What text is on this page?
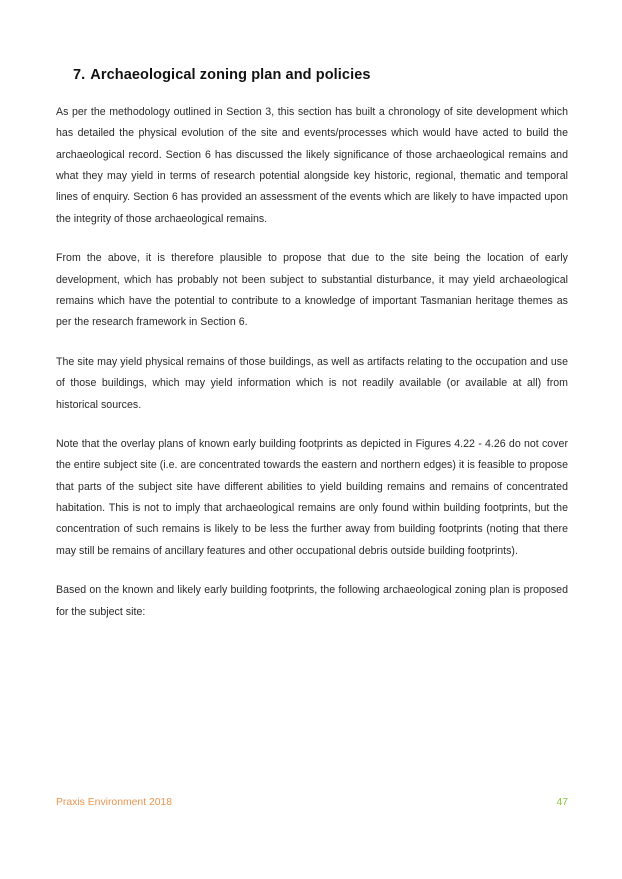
7. Archaeological zoning plan and policies

As per the methodology outlined in Section 3, this section has built a chronology of site development which has detailed the physical evolution of the site and events/processes which would have acted to build the archaeological record. Section 6 has discussed the likely significance of those archaeological remains and what they may yield in terms of research potential alongside key historic, regional, thematic and temporal lines of enquiry. Section 6 has provided an assessment of the events which are likely to have impacted upon the integrity of those archaeological remains.

From the above, it is therefore plausible to propose that due to the site being the location of early development, which has probably not been subject to substantial disturbance, it may yield archaeological remains which have the potential to contribute to a knowledge of important Tasmanian heritage themes as per the research framework in Section 6.

The site may yield physical remains of those buildings, as well as artifacts relating to the occupation and use of those buildings, which may yield information which is not readily available (or available at all) from historical sources.

Note that the overlay plans of known early building footprints as depicted in Figures 4.22 - 4.26 do not cover the entire subject site (i.e. are concentrated towards the eastern and northern edges) it is feasible to propose that parts of the subject site have different abilities to yield building remains and remains of concentrated habitation. This is not to imply that archaeological remains are only found within building footprints, but the concentration of such remains is likely to be less the further away from building footprints (noting that there may still be remains of ancillary features and other occupational debris outside building footprints).

Based on the known and likely early building footprints, the following archaeological zoning plan is proposed for the subject site:

Praxis Environment 2018	47
